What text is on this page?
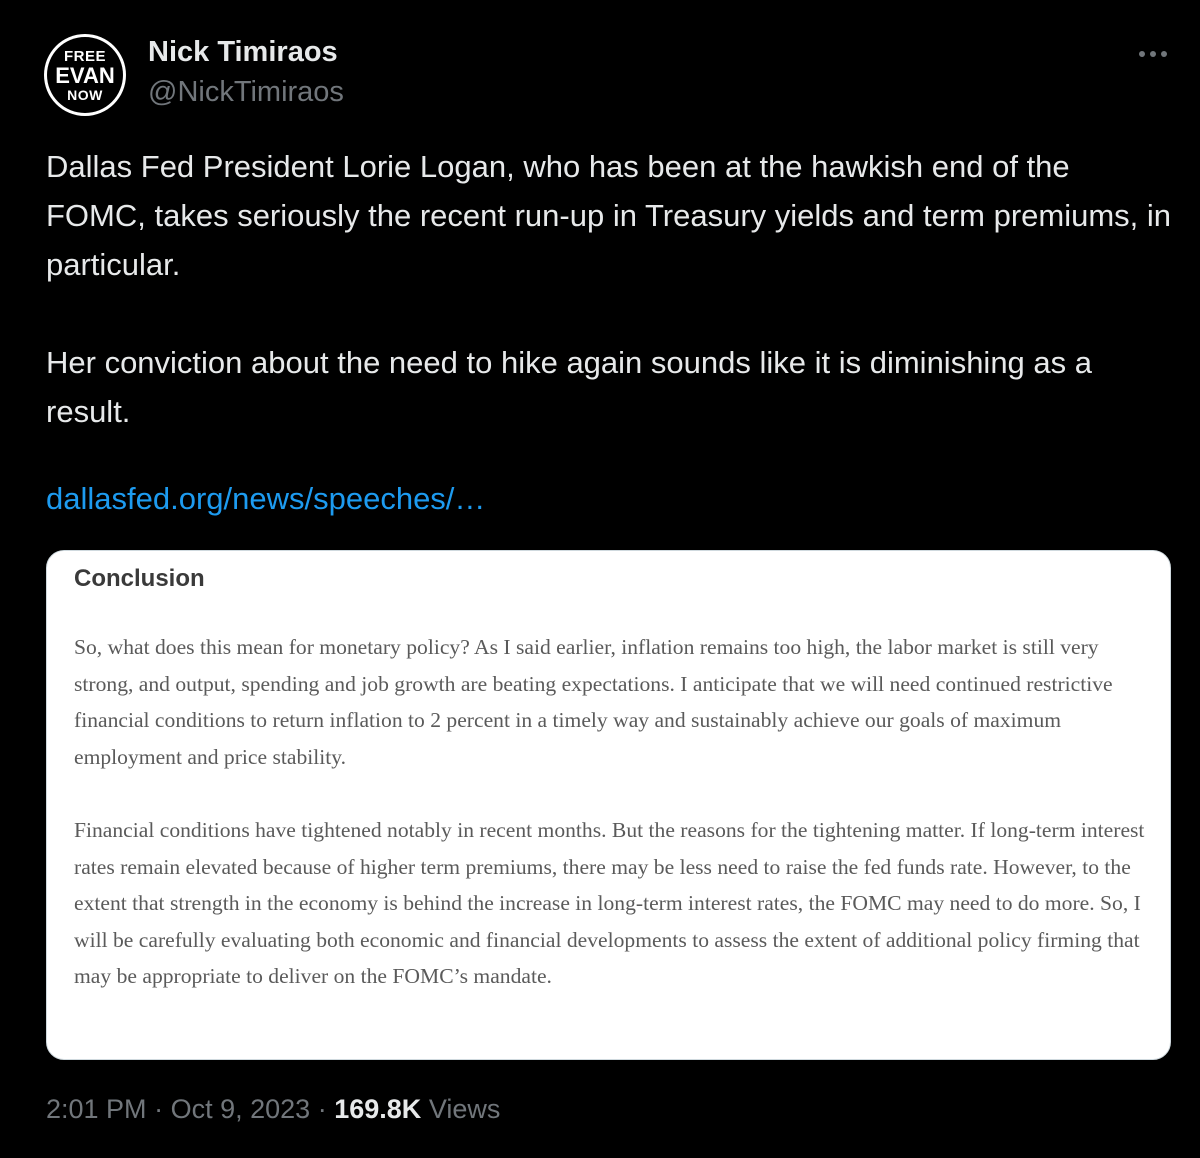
FREE
EVAN
NOW
Nick Timiraos
@NickTimiraos

Dallas Fed President Lorie Logan, who has been at the hawkish end of the FOMC, takes seriously the recent run-up in Treasury yields and term premiums, in particular.

Her conviction about the need to hike again sounds like it is diminishing as a result.

dallasfed.org/news/speeches/…
Conclusion

So, what does this mean for monetary policy? As I said earlier, inflation remains too high, the labor market is still very strong, and output, spending and job growth are beating expectations. I anticipate that we will need continued restrictive financial conditions to return inflation to 2 percent in a timely way and sustainably achieve our goals of maximum employment and price stability.

Financial conditions have tightened notably in recent months. But the reasons for the tightening matter. If long-term interest rates remain elevated because of higher term premiums, there may be less need to raise the fed funds rate. However, to the extent that strength in the economy is behind the increase in long-term interest rates, the FOMC may need to do more. So, I will be carefully evaluating both economic and financial developments to assess the extent of additional policy firming that may be appropriate to deliver on the FOMC’s mandate.

2:01 PM · Oct 9, 2023 · 169.8K Views
